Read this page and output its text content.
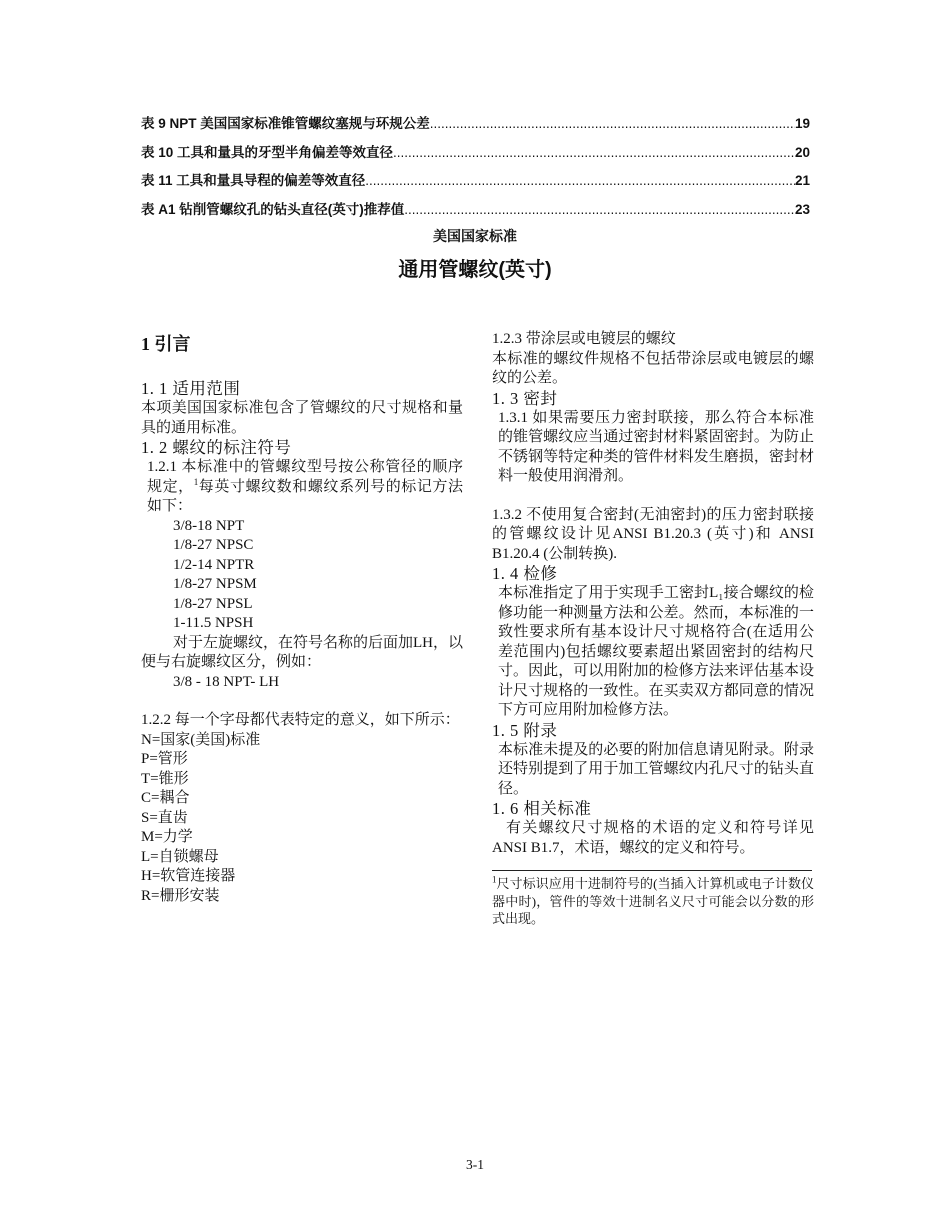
表 9 NPT 美国国家标准锥管螺纹塞规与环规公差 .....	19
表 10 工具和量具的牙型半角偏差等效直径 .....	20
表 11 工具和量具导程的偏差等效直径 .....	21
表 A1 钻削管螺纹孔的钻头直径(英寸)推荐值 .....	23
美国国家标准
通用管螺纹(英寸)
1 引言
1. 1 适用范围

本项美国国家标准包含了管螺纹的尺寸规格和量具的通用标准。

1. 2 螺纹的标注符号

1.2.1 本标准中的管螺纹型号按公称管径的顺序规定，$^1$每英寸螺纹数和螺纹系列号的标记方法如下：

3/8-18 NPT
1/8-27 NPSC
1/2-14 NPTR
1/8-27 NPSM
1/8-27 NPSL
1-11.5 NPSH

对于左旋螺纹，在符号名称的后面加LH，以便与右旋螺纹区分，例如：

3/8 - 18 NPT- LH

1.2.2 每一个字母都代表特定的意义，如下所示：

N=国家(美国)标准
P=管形
T=锥形
C=耦合
S=直齿
M=力学
L=自锁螺母
H=软管连接器
R=栅形安装
1.2.3 带涂层或电镀层的螺纹

本标准的螺纹件规格不包括带涂层或电镀层的螺纹的公差。

1. 3 密封

1.3.1 如果需要压力密封联接，那么符合本标准的锥管螺纹应当通过密封材料紧固密封。为防止不锈钢等特定种类的管件材料发生磨损，密封材料一般使用润滑剂。

1.3.2 不使用复合密封(无油密封)的压力密封联接的管螺纹设计见ANSI B1.20.3 (英寸)和 ANSI B1.20.4 (公制转换).

1. 4 检修

本标准指定了用于实现手工密封L₁接合螺纹的检修功能一种测量方法和公差。然而，本标准的一致性要求所有基本设计尺寸规格符合(在适用公差范围内)包括螺纹要素超出紧固密封的结构尺寸。因此，可以用附加的检修方法来评估基本设计尺寸规格的一致性。在买卖双方都同意的情况下方可应用附加检修方法。

1. 5 附录

本标准未提及的必要的附加信息请见附录。附录还特别提到了用于加工管螺纹内孔尺寸的钻头直径。

1. 6 相关标准

有关螺纹尺寸规格的术语的定义和符号详见ANSI B1.7，术语，螺纹的定义和符号。

$^1$尺寸标识应用十进制符号的(当插入计算机或电子计数仪器中时)，管件的等效十进制名义尺寸可能会以分数的形式出现。
3-1
